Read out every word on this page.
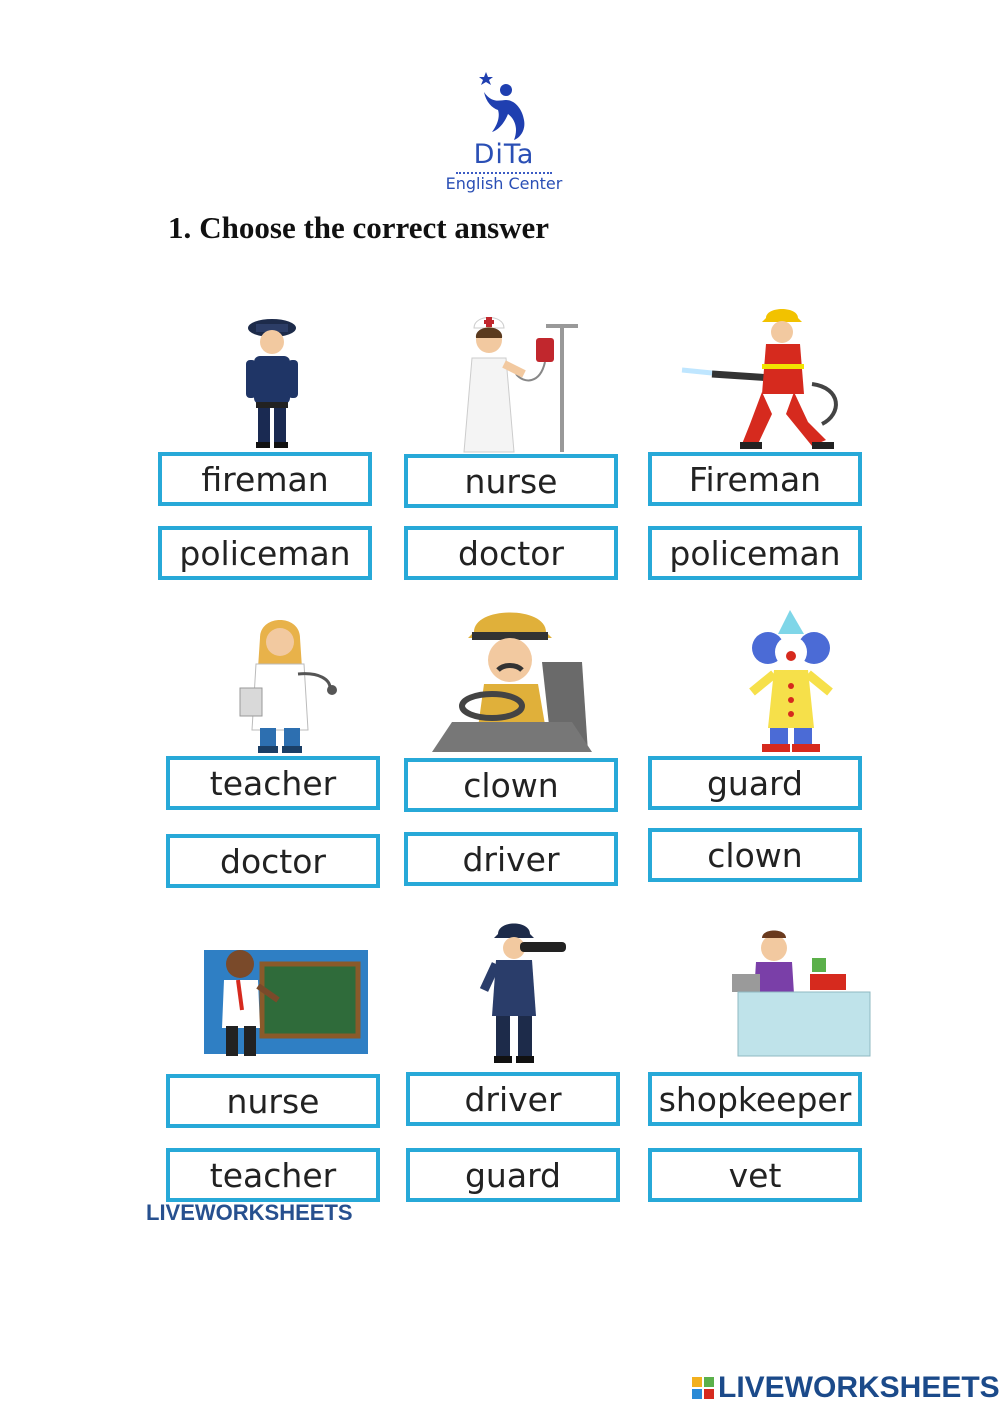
DiTa
English Center
1. Choose the correct answer
fireman
policeman
nurse
doctor
Fireman
policeman
teacher
doctor
clown
driver
guard
clown
nurse
teacher
driver
guard
shopkeeper
vet
LIVEWORKSHEETS
LIVEWORKSHEETS
